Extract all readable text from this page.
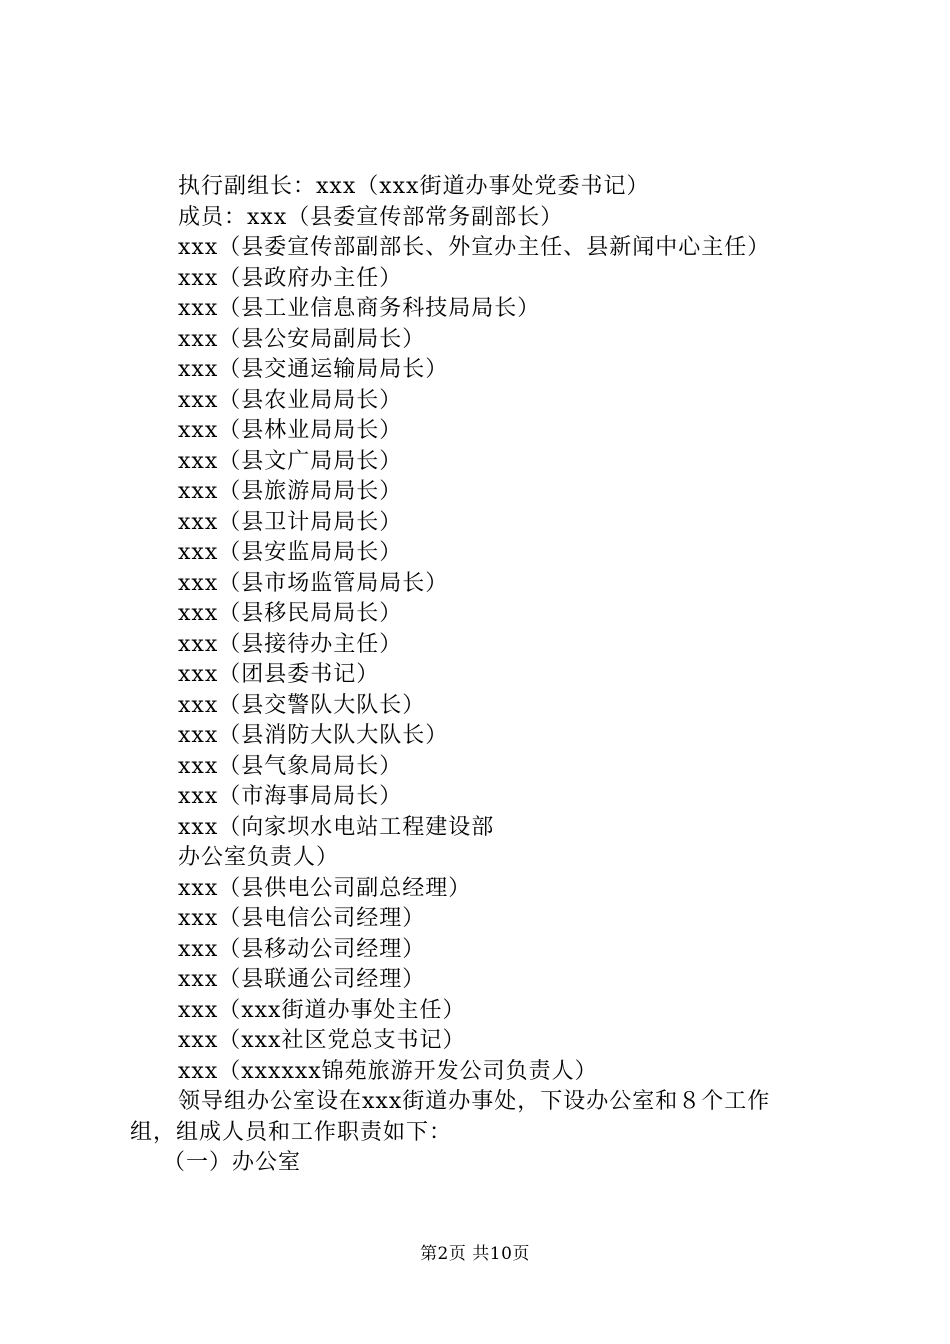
执行副组长：xxx（xxx街道办事处党委书记）
成员：xxx（县委宣传部常务副部长）
xxx（县委宣传部副部长、外宣办主任、县新闻中心主任）
xxx（县政府办主任）
xxx（县工业信息商务科技局局长）
xxx（县公安局副局长）
xxx（县交通运输局局长）
xxx（县农业局局长）
xxx（县林业局局长）
xxx（县文广局局长）
xxx（县旅游局局长）
xxx（县卫计局局长）
xxx（县安监局局长）
xxx（县市场监管局局长）
xxx（县移民局局长）
xxx（县接待办主任）
xxx（团县委书记）
xxx（县交警队大队长）
xxx（县消防大队大队长）
xxx（县气象局局长）
xxx（市海事局局长）
xxx（向家坝水电站工程建设部
办公室负责人）
xxx（县供电公司副总经理）
xxx（县电信公司经理）
xxx（县移动公司经理）
xxx（县联通公司经理）
xxx（xxx街道办事处主任）
xxx（xxx社区党总支书记）
xxx（xxxxxx锦苑旅游开发公司负责人）
领导组办公室设在xxx街道办事处，下设办公室和８个工作
组，组成人员和工作职责如下：
（一）办公室
第2页 共10页
